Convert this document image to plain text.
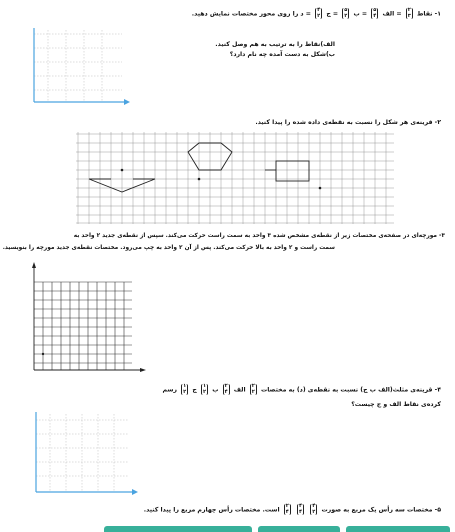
۱- نقاط
۲
۳
= الف
۵
۴
= ب
۵
۲
= ج
۴
۲
= د را روی محور مختصات نمایش دهید.
الف)نقاط را به ترتیب به هم وصل کنید.
ب)شکل به دست آمده چه نام دارد؟
۲- قرینه‌ی هر شکل را نسبت به نقطه‌ی داده شده را پیدا کنید.
۳- مورچه‌ای در صفحه‌ی مختصات زیر از نقطه‌ی مشخص شده ۳ واحد به سمت راست حرکت می‌کند. سپس از نقطه‌ی جدید ۲ واحد به
سمت راست و ۲ واحد به بالا حرکت می‌کند. پس از آن ۲ واحد به چپ می‌رود. مختصات نقطه‌ی جدید مورچه را بنویسید.
۴- قرینه‌ی مثلث(الف ب ج) نسبت به نقطه‌ی (د) به مختصات
۲
۲
الف
۲
۴
ب
۱
۲
ج
۱
۲
رسم
کرده‌ی نقاط الف و ج چیست؟
۵- مختصات سه رأس یک مربع به صورت
۴
۲

۴
۴

۲
۴
است. مختصات رأس چهارم مربع را پیدا کنید.
